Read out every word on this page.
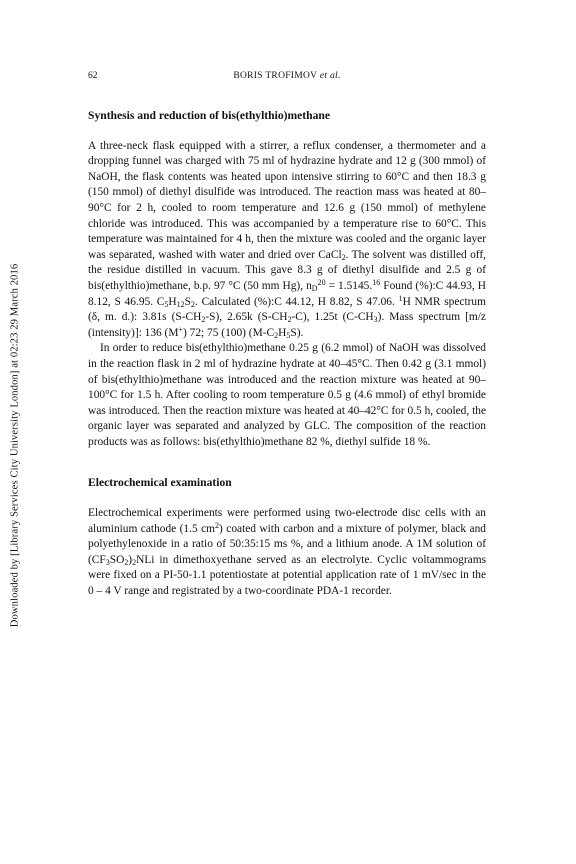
Downloaded by [Library Services City University London] at 02:23 29 March 2016
62	BORIS TROFIMOV et al.
Synthesis and reduction of bis(ethylthio)methane

A three-neck flask equipped with a stirrer, a reflux condenser, a thermometer and a dropping funnel was charged with 75 ml of hydrazine hydrate and 12 g (300 mmol) of NaOH, the flask contents was heated upon intensive stirring to 60°C and then 18.3 g (150 mmol) of diethyl disulfide was introduced. The reaction mass was heated at 80–90°C for 2 h, cooled to room temperature and 12.6 g (150 mmol) of methylene chloride was introduced. This was accompanied by a temperature rise to 60°C. This temperature was maintained for 4 h, then the mixture was cooled and the organic layer was separated, washed with water and dried over CaCl$_2$. The solvent was distilled off, the residue distilled in vacuum. This gave 8.3 g of diethyl disulfide and 2.5 g of bis(ethylthio)methane, b.p. 97 °C (50 mm Hg), $n_D^{20} = 1.5145.16$ Found (%):C 44.93, H 8.12, S 46.95. $C_5H_{12}S_2$. Calculated (%):C 44.12, H 8.82, S 47.06. $^1$H NMR spectrum (δ, m. d.): 3.81s $(S-CH_2-S)$, 2.65k $(S-CH_2-C)$, 1.25t $(C-CH_3)$. Mass spectrum [m/z (intensity)]: 136 (M+) 72; 75 (100) $(M-C_2H_5S)$.

In order to reduce bis(ethylthio)methane 0.25 g (6.2 mmol) of NaOH was dissolved in the reaction flask in 2 ml of hydrazine hydrate at 40–45°C. Then 0.42 g (3.1 mmol) of bis(ethylthio)methane was introduced and the reaction mixture was heated at 90–100°C for 1.5 h. After cooling to room temperature 0.5 g (4.6 mmol) of ethyl bromide was introduced. Then the reaction mixture was heated at 40–42°C for 0.5 h, cooled, the organic layer was separated and analyzed by GLC. The composition of the reaction products was as follows: bis(ethylthio)methane 82 %, diethyl sulfide 18 %.

Electrochemical examination

Electrochemical experiments were performed using two-electrode disc cells with an aluminium cathode (1.5 $cm^2$) coated with carbon and a mixture of polymer, black and polyethylenoxide in a ratio of 50:35:15 ms %, and a lithium anode. A 1M solution of $(CF_3SO_2)_2NLi$ in dimethoxyethane served as an electrolyte. Cyclic voltammograms were fixed on a PI-50-1.1 potentiostate at potential application rate of 1 mV/sec in the 0 – 4 V range and registrated by a two-coordinate PDA-1 recorder.
